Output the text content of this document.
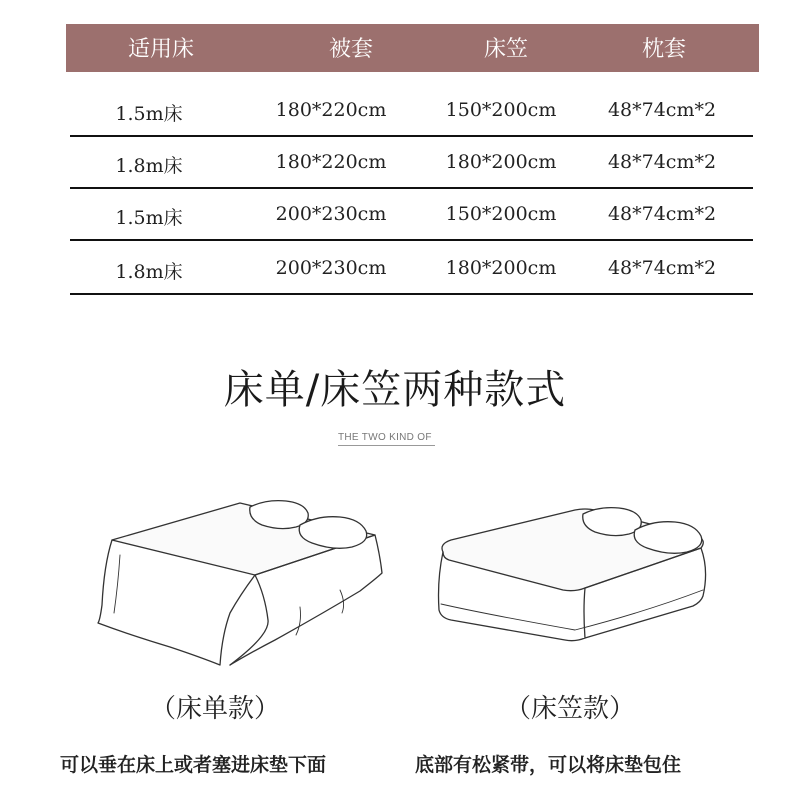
适用床	被套	床笠	枕套
1.5m床	180*220cm	150*200cm	48*74cm*2
1.8m床	180*220cm	180*200cm	48*74cm*2
1.5m床	200*230cm	150*200cm	48*74cm*2
1.8m床	200*230cm	180*200cm	48*74cm*2
床单/床笠两种款式
THE TWO KIND OF
（床单款）	（床笠款）
可以垂在床上或者塞进床垫下面	底部有松紧带，可以将床垫包住
